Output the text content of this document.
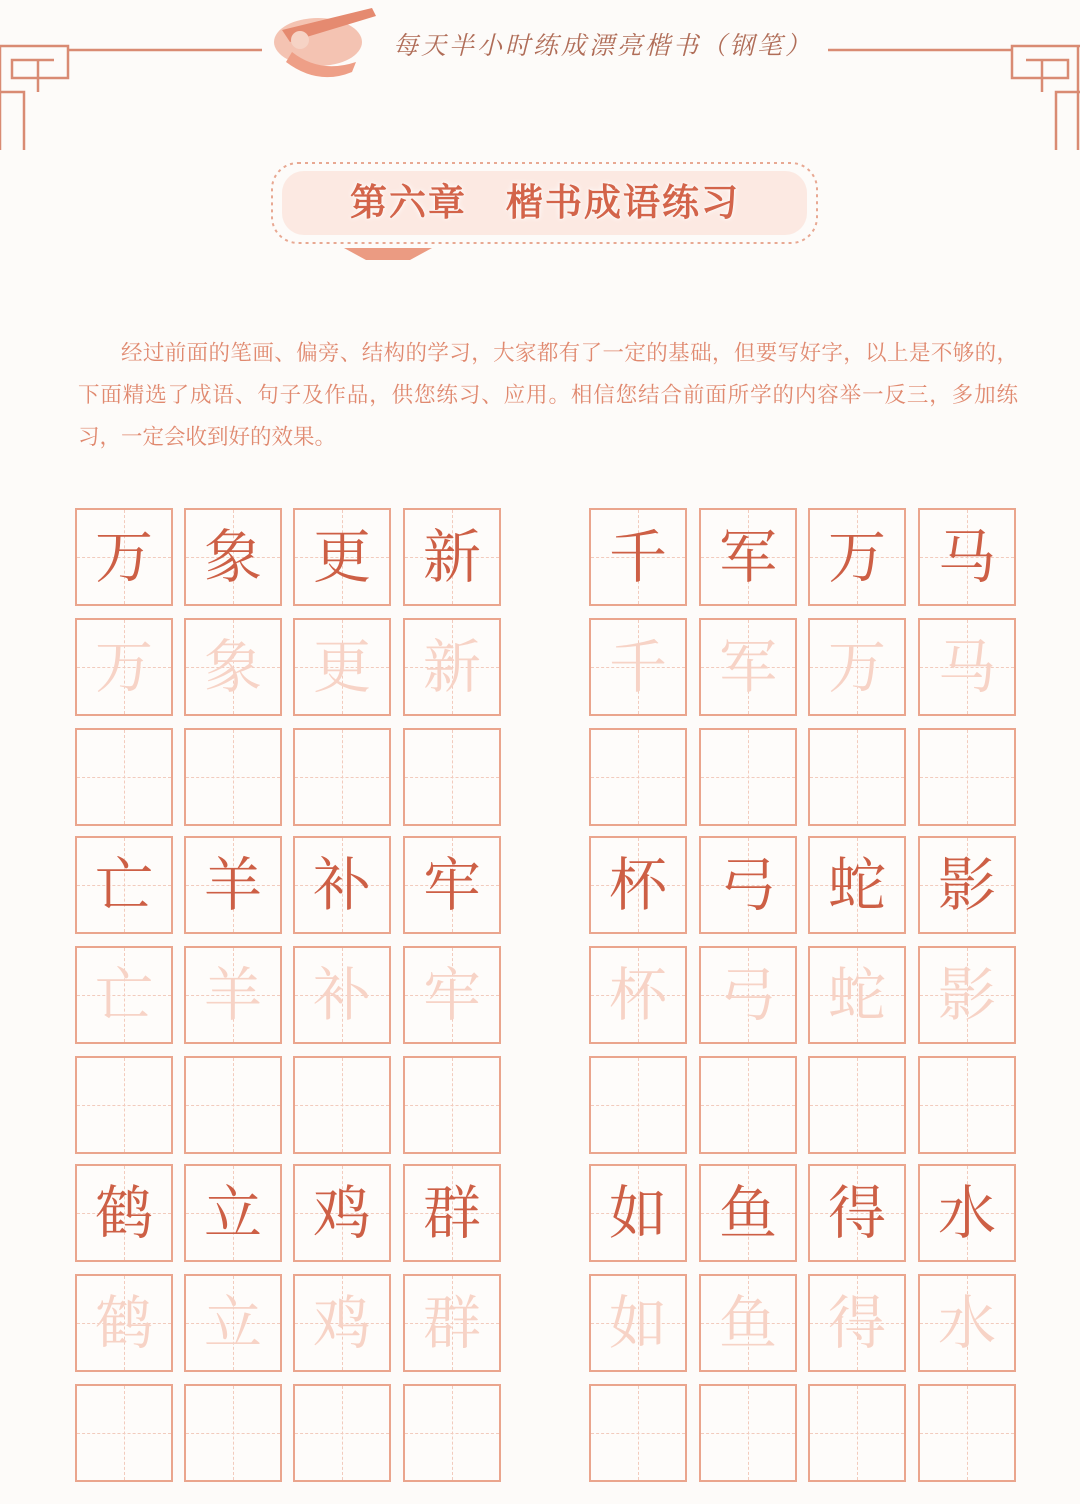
每天半小时练成漂亮楷书（钢笔）
第六章　楷书成语练习

经过前面的笔画、偏旁、结构的学习，大家都有了一定的基础，但要写好字，以上是不够的，下面精选了成语、句子及作品，供您练习、应用。相信您结合前面所学的内容举一反三，多加练习，一定会收到好的效果。

万 象 更 新
万 象 更 新
千 军 万 马
千 军 万 马
亡 羊 补 牢
亡 羊 补 牢
杯 弓 蛇 影
杯 弓 蛇 影
鹤 立 鸡 群
鹤 立 鸡 群
如 鱼 得 水
如 鱼 得 水
